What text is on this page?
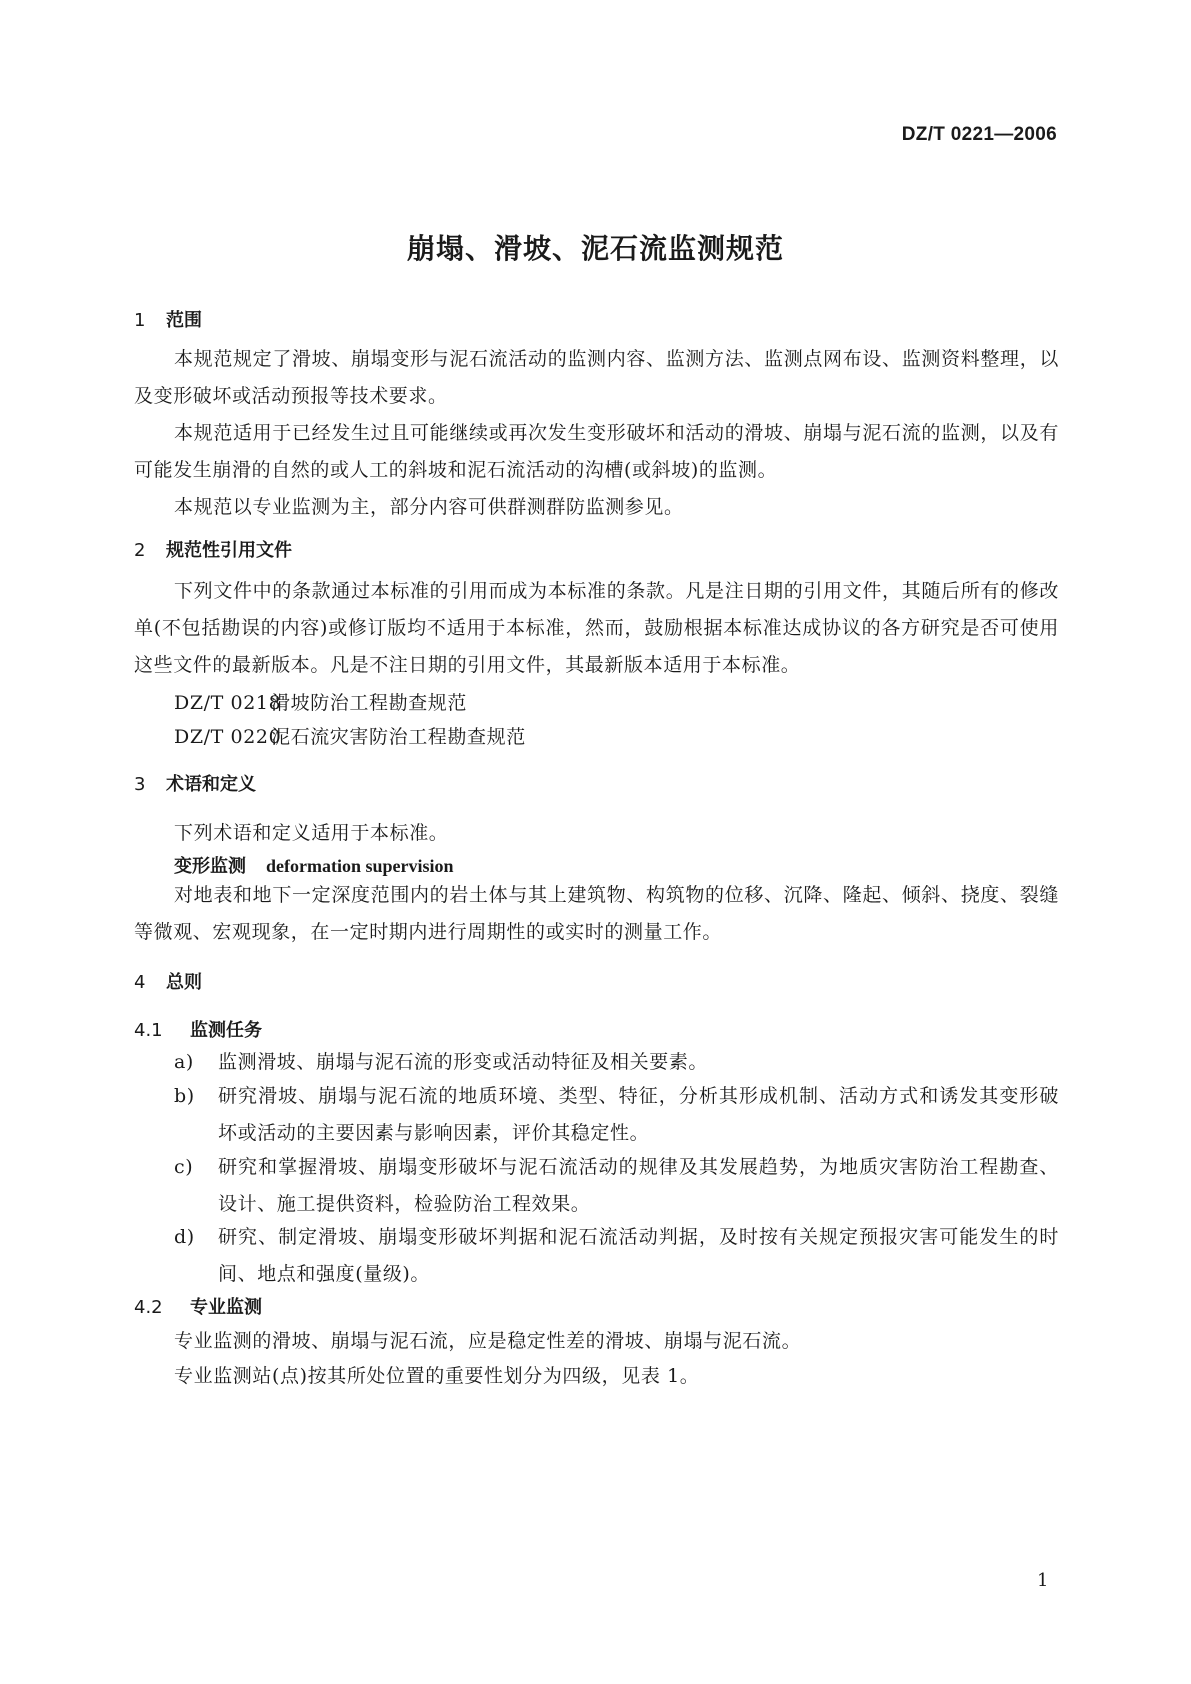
DZ/T 0221—2006
崩塌、滑坡、泥石流监测规范
1 范围
本规范规定了滑坡、崩塌变形与泥石流活动的监测内容、监测方法、监测点网布设、监测资料整理，以及变形破坏或活动预报等技术要求。
本规范适用于已经发生过且可能继续或再次发生变形破坏和活动的滑坡、崩塌与泥石流的监测，以及有可能发生崩滑的自然的或人工的斜坡和泥石流活动的沟槽(或斜坡)的监测。
本规范以专业监测为主，部分内容可供群测群防监测参见。
2 规范性引用文件
下列文件中的条款通过本标准的引用而成为本标准的条款。凡是注日期的引用文件，其随后所有的修改单(不包括勘误的内容)或修订版均不适用于本标准，然而，鼓励根据本标准达成协议的各方研究是否可使用这些文件的最新版本。凡是不注日期的引用文件，其最新版本适用于本标准。
DZ/T 0218滑坡防治工程勘查规范
DZ/T 0220泥石流灾害防治工程勘查规范
3 术语和定义
下列术语和定义适用于本标准。
变形监测 deformation supervision
对地表和地下一定深度范围内的岩土体与其上建筑物、构筑物的位移、沉降、隆起、倾斜、挠度、裂缝等微观、宏观现象，在一定时期内进行周期性的或实时的测量工作。
4 总则
4.1 监测任务
a)	监测滑坡、崩塌与泥石流的形变或活动特征及相关要素。
b)	研究滑坡、崩塌与泥石流的地质环境、类型、特征，分析其形成机制、活动方式和诱发其变形破坏或活动的主要因素与影响因素，评价其稳定性。
c)	研究和掌握滑坡、崩塌变形破坏与泥石流活动的规律及其发展趋势，为地质灾害防治工程勘查、设计、施工提供资料，检验防治工程效果。
d)	研究、制定滑坡、崩塌变形破坏判据和泥石流活动判据，及时按有关规定预报灾害可能发生的时间、地点和强度(量级)。
4.2 专业监测
专业监测的滑坡、崩塌与泥石流，应是稳定性差的滑坡、崩塌与泥石流。
专业监测站(点)按其所处位置的重要性划分为四级，见表 1。
1
